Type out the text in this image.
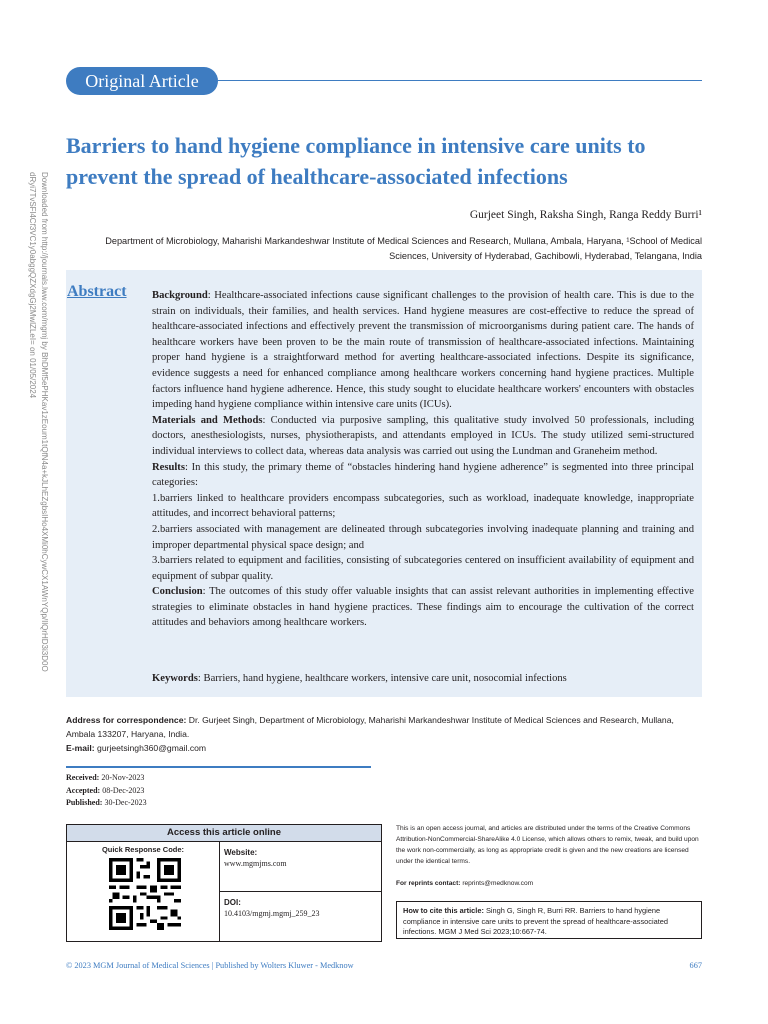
Downloaded from http://journals.lww.com/mgmj by BhDMf5ePHKav1zEoum1tQfN4a+kJLhEZgbsIHo4XMi0hCywCX1AWnYQp/IlQrHD3i3D0OdRyi7TvSFl4Cf3VC1y0abggQZXdgGj2MwlZLeI= on 01/05/2024
Original Article
Barriers to hand hygiene compliance in intensive care units to prevent the spread of healthcare-associated infections
Gurjeet Singh, Raksha Singh, Ranga Reddy Burri¹
Department of Microbiology, Maharishi Markandeshwar Institute of Medical Sciences and Research, Mullana, Ambala, Haryana, ¹School of Medical Sciences, University of Hyderabad, Gachibowli, Hyderabad, Telangana, India
Abstract Background: Healthcare-associated infections cause significant challenges to the provision of health care. This is due to the strain on individuals, their families, and health services. Hand hygiene measures are cost-effective to reduce the spread of healthcare-associated infections and effectively prevent the transmission of microorganisms during patient care. The hands of healthcare workers have been proven to be the main route of transmission of healthcare-associated infections. Maintaining proper hand hygiene is a straightforward method for averting healthcare-associated infections. Despite its significance, evidence suggests a need for enhanced compliance among healthcare workers concerning hand hygiene practices. Multiple factors influence hand hygiene adherence. Hence, this study sought to elucidate healthcare workers' encounters with obstacles impeding hand hygiene compliance within intensive care units (ICUs).

Materials and Methods: Conducted via purposive sampling, this qualitative study involved 50 professionals, including doctors, anesthesiologists, nurses, physiotherapists, and attendants employed in ICUs. The study utilized semi-structured individual interviews to collect data, whereas data analysis was carried out using the Lundman and Graneheim method.

Results: In this study, the primary theme of “obstacles hindering hand hygiene adherence” is segmented into three principal categories:

1.barriers linked to healthcare providers encompass subcategories, such as workload, inadequate knowledge, inappropriate attitudes, and incorrect behavioral patterns;

2.barriers associated with management are delineated through subcategories involving inadequate planning and training and improper departmental physical space design; and

3.barriers related to equipment and facilities, consisting of subcategories centered on insufficient availability of equipment and equipment of subpar quality.

Conclusion: The outcomes of this study offer valuable insights that can assist relevant authorities in implementing effective strategies to eliminate obstacles in hand hygiene practices. These findings aim to encourage the cultivation of the correct attitudes and behaviors among healthcare workers.

Keywords: Barriers, hand hygiene, healthcare workers, intensive care unit, nosocomial infections
Address for correspondence: Dr. Gurjeet Singh, Department of Microbiology, Maharishi Markandeshwar Institute of Medical Sciences and Research, Mullana, Ambala 133207, Haryana, India.
E-mail: gurjeetsingh360@gmail.com
Received: 20-Nov-2023
Accepted: 08-Dec-2023
Published: 30-Dec-2023
Access this article online
Quick Response Code:	Website:
www.mgmjms.com
DOI:
10.4103/mgmj.mgmj_259_23
This is an open access journal, and articles are distributed under the terms of the Creative Commons Attribution-NonCommercial-ShareAlike 4.0 License, which allows others to remix, tweak, and build upon the work non-commercially, as long as appropriate credit is given and the new creations are licensed under the identical terms.
For reprints contact: reprints@medknow.com
How to cite this article: Singh G, Singh R, Burri RR. Barriers to hand hygiene compliance in intensive care units to prevent the spread of healthcare-associated infections. MGM J Med Sci 2023;10:667-74.
© 2023 MGM Journal of Medical Sciences | Published by Wolters Kluwer - Medknow	667
